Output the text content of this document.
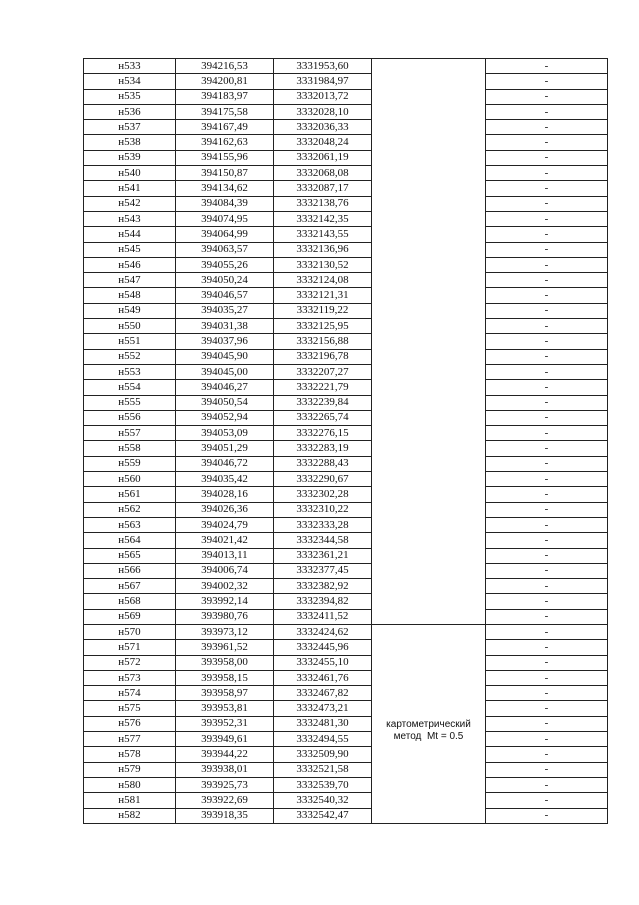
н533	394216,53	3331953,60		-
н534	394200,81	3331984,97		-
н535	394183,97	3332013,72		-
н536	394175,58	3332028,10		-
н537	394167,49	3332036,33		-
н538	394162,63	3332048,24		-
н539	394155,96	3332061,19		-
н540	394150,87	3332068,08		-
н541	394134,62	3332087,17		-
н542	394084,39	3332138,76		-
н543	394074,95	3332142,35		-
н544	394064,99	3332143,55		-
н545	394063,57	3332136,96		-
н546	394055,26	3332130,52		-
н547	394050,24	3332124,08		-
н548	394046,57	3332121,31		-
н549	394035,27	3332119,22		-
н550	394031,38	3332125,95		-
н551	394037,96	3332156,88		-
н552	394045,90	3332196,78		-
н553	394045,00	3332207,27		-
н554	394046,27	3332221,79		-
н555	394050,54	3332239,84		-
н556	394052,94	3332265,74		-
н557	394053,09	3332276,15		-
н558	394051,29	3332283,19		-
н559	394046,72	3332288,43		-
н560	394035,42	3332290,67		-
н561	394028,16	3332302,28		-
н562	394026,36	3332310,22		-
н563	394024,79	3332333,28		-
н564	394021,42	3332344,58		-
н565	394013,11	3332361,21		-
н566	394006,74	3332377,45		-
н567	394002,32	3332382,92		-
н568	393992,14	3332394,82		-
н569	393980,76	3332411,52		-
н570	393973,12	3332424,62	картометрический
метод  Mt = 0.5	-
н571	393961,52	3332445,96		-
н572	393958,00	3332455,10		-
н573	393958,15	3332461,76		-
н574	393958,97	3332467,82		-
н575	393953,81	3332473,21		-
н576	393952,31	3332481,30		-
н577	393949,61	3332494,55		-
н578	393944,22	3332509,90		-
н579	393938,01	3332521,58		-
н580	393925,73	3332539,70		-
н581	393922,69	3332540,32		-
н582	393918,35	3332542,47		-
